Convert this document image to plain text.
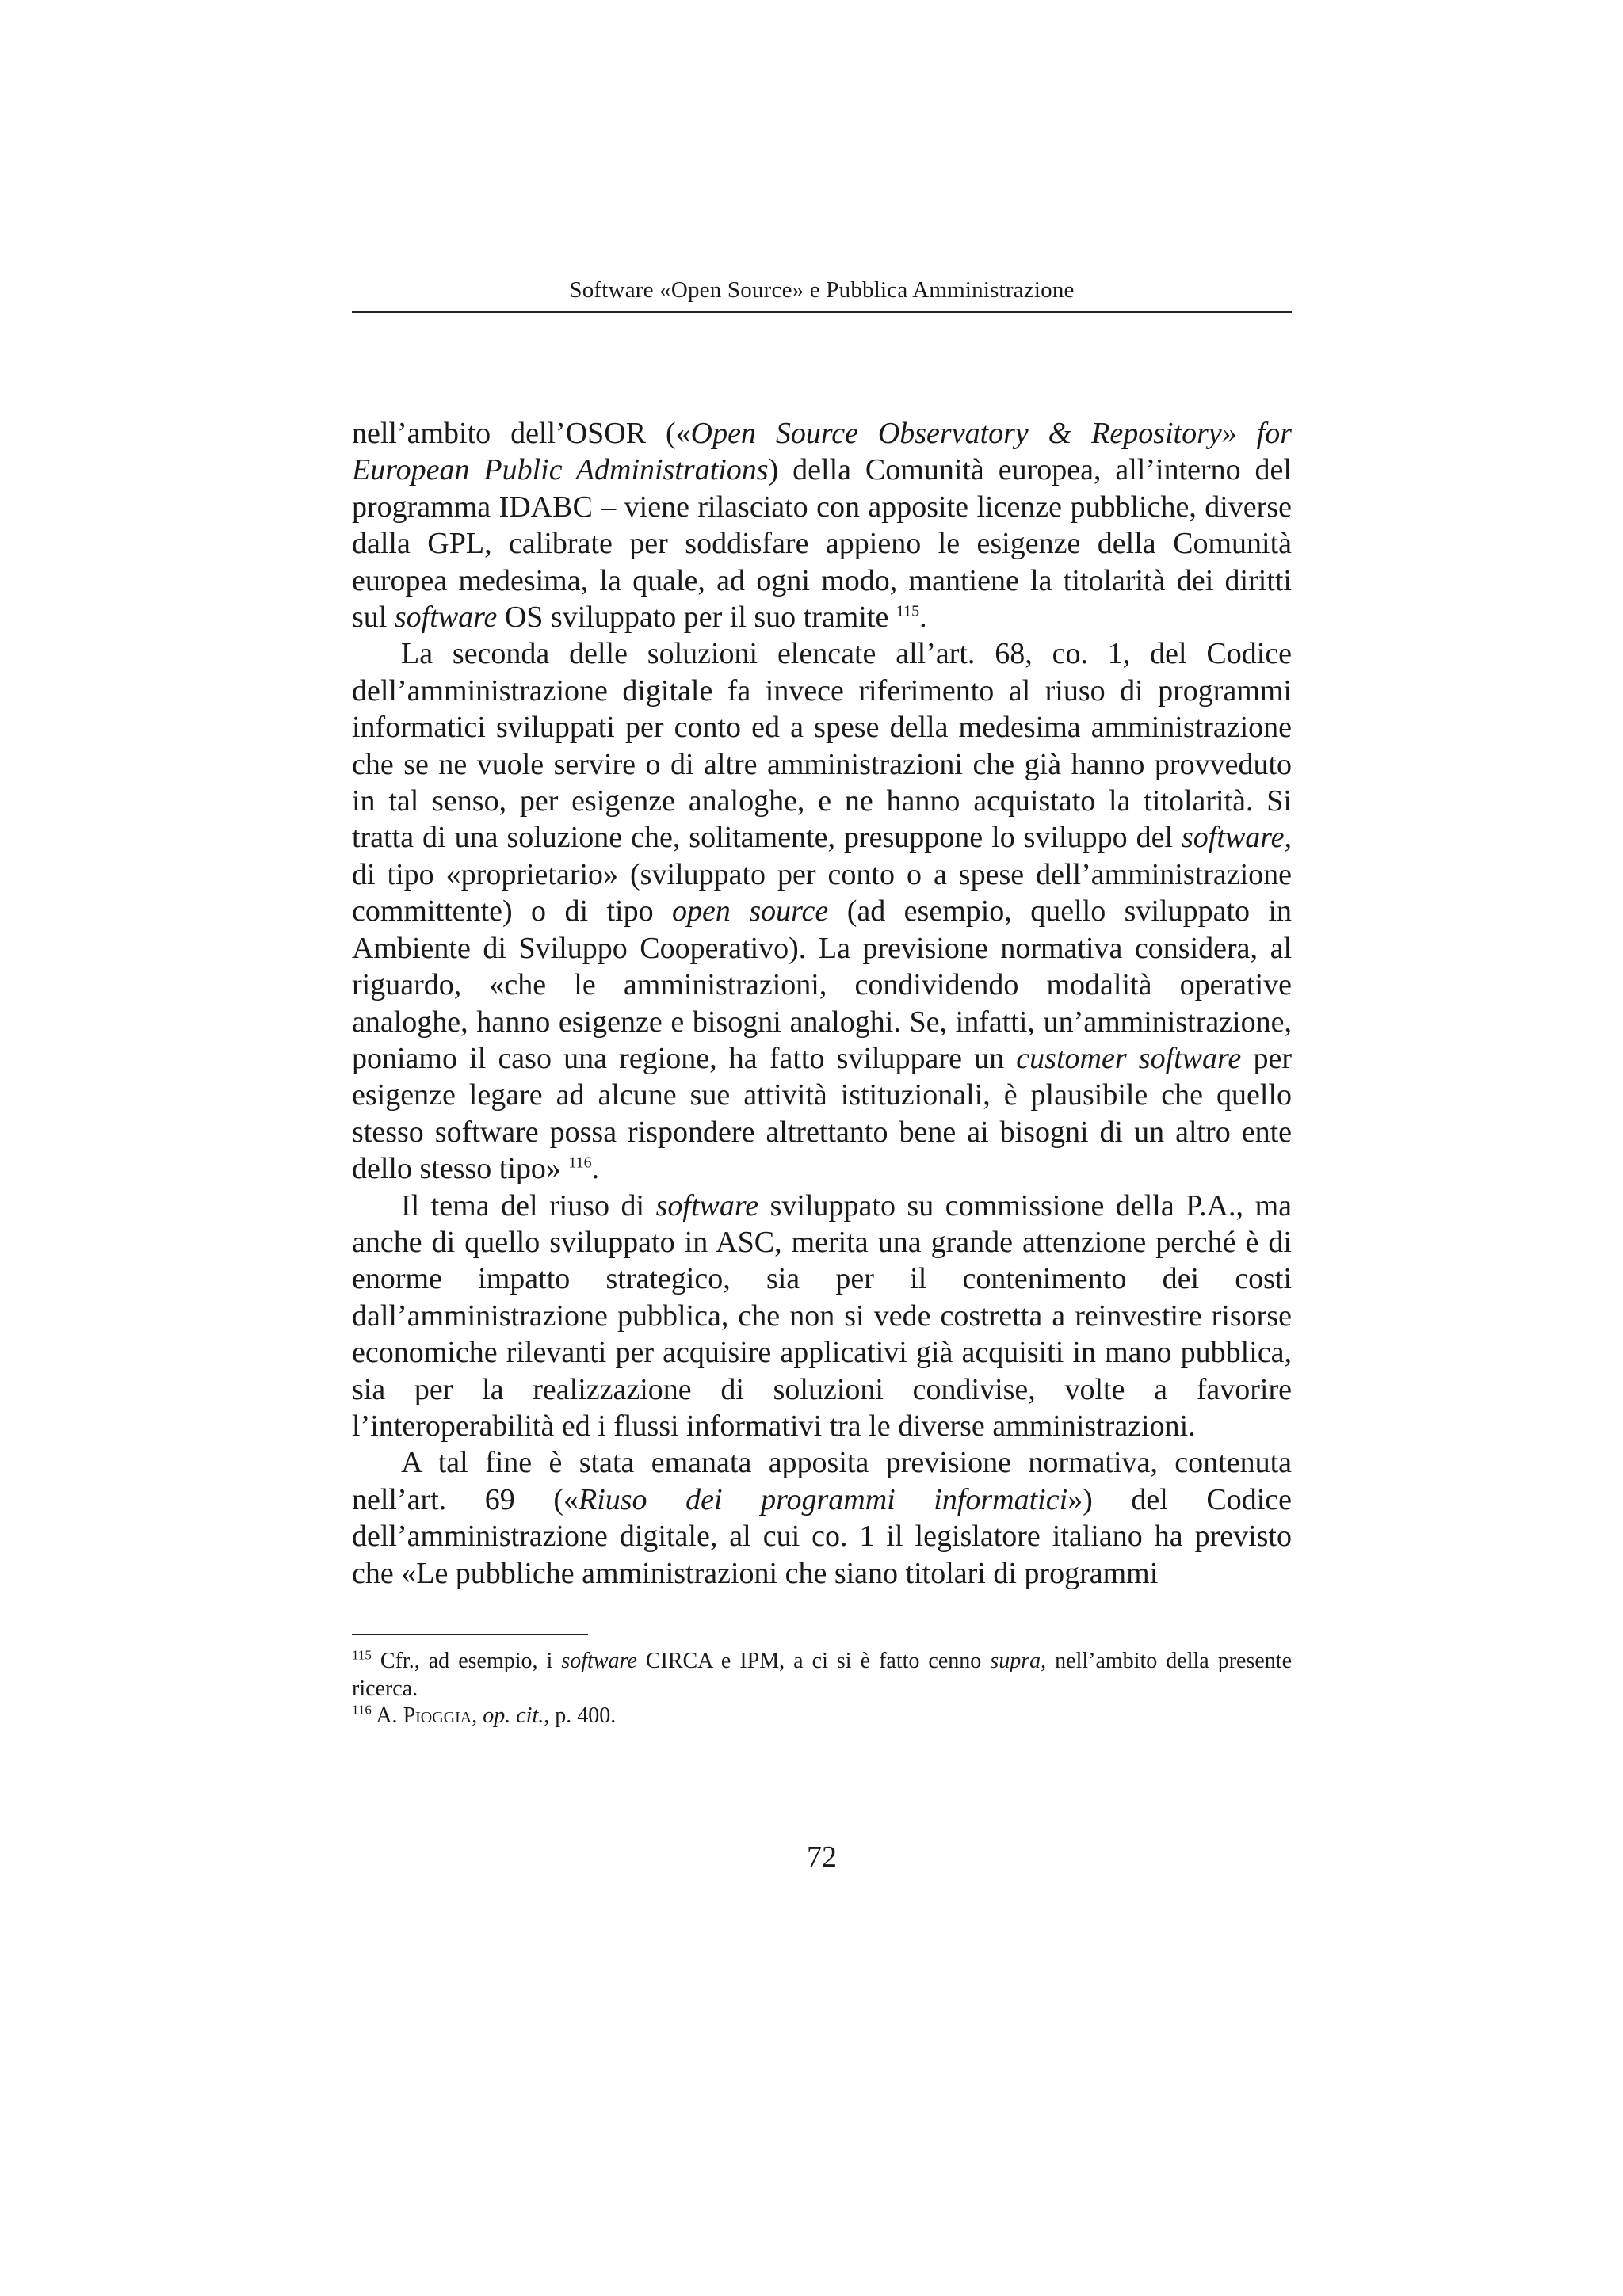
Software «Open Source» e Pubblica Amministrazione

nell’ambito dell’OSOR («Open Source Observatory & Repository» for European Public Administrations) della Comunità europea, all’interno del programma IDABC – viene rilasciato con apposite licenze pubbliche, diverse dalla GPL, calibrate per soddisfare appieno le esigenze della Comunità europea medesima, la quale, ad ogni modo, mantiene la titolarità dei diritti sul software OS sviluppato per il suo tramite $^{115}$.

La seconda delle soluzioni elencate all’art. 68, co. 1, del Codice dell’amministrazione digitale fa invece riferimento al riuso di programmi informatici sviluppati per conto ed a spese della medesima amministrazione che se ne vuole servire o di altre amministrazioni che già hanno provveduto in tal senso, per esigenze analoghe, e ne hanno acquistato la titolarità. Si tratta di una soluzione che, solitamente, presuppone lo sviluppo del software, di tipo «proprietario» (sviluppato per conto o a spese dell’amministrazione committente) o di tipo open source (ad esempio, quello sviluppato in Ambiente di Sviluppo Cooperativo). La previsione normativa considera, al riguardo, «che le amministrazioni, condividendo modalità operative analoghe, hanno esigenze e bisogni analoghi. Se, infatti, un’amministrazione, poniamo il caso una regione, ha fatto sviluppare un customer software per esigenze legare ad alcune sue attività istituzionali, è plausibile che quello stesso software possa rispondere altrettanto bene ai bisogni di un altro ente dello stesso tipo» $^{116}$.

Il tema del riuso di software sviluppato su commissione della P.A., ma anche di quello sviluppato in ASC, merita una grande attenzione perché è di enorme impatto strategico, sia per il contenimento dei costi dall’amministrazione pubblica, che non si vede costretta a reinvestire risorse economiche rilevanti per acquisire applicativi già acquisiti in mano pubblica, sia per la realizzazione di soluzioni condivise, volte a favorire l’interoperabilità ed i flussi informativi tra le diverse amministrazioni.

A tal fine è stata emanata apposita previsione normativa, contenuta nell’art. 69 («Riuso dei programmi informatici») del Codice dell’amministrazione digitale, al cui co. 1 il legislatore italiano ha previsto che «Le pubbliche amministrazioni che siano titolari di programmi

$^{115}$ Cfr., ad esempio, i software CIRCA e IPM, a ci si è fatto cenno supra, nell’ambito della presente ricerca.

$^{116}$ A. Pioggia, op. cit., p. 400.

72
